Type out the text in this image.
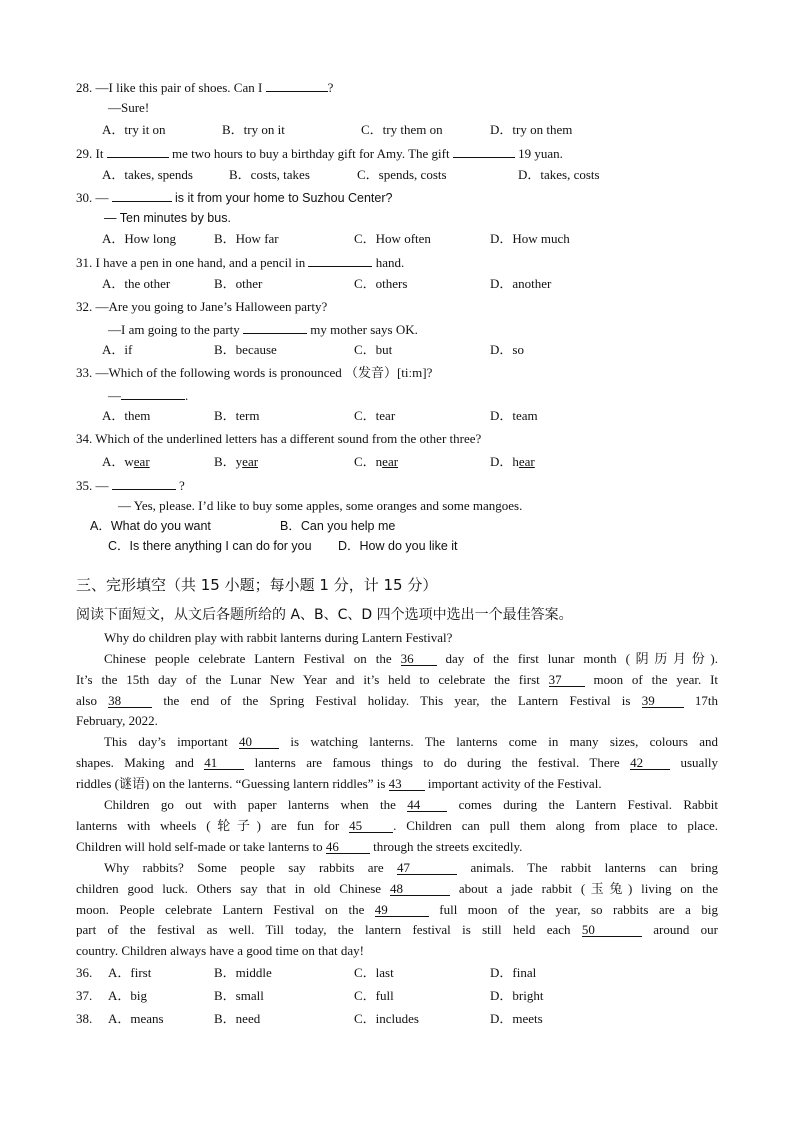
28. —I like this pair of shoes. Can I	?
—Sure!
A．try it on	B．try on it	C．try them on	D．try on them
29. It	me two hours to buy a birthday gift for Amy. The gift	19 yuan.
A．takes, spends	B．costs, takes	C．spends, costs	D．takes, costs
30. —	is it from your home to Suzhou Center?
— Ten minutes by bus.
A．How long	B．How far	C．How often	D．How much
31. I have a pen in one hand, and a pencil in	hand.
A．the other	B．other	C．others	D．another
32. —Are you going to Jane’s Halloween party?
—I am going to the party	my mother says OK.
A．if	B．because	C．but	D．so
33. —Which of the following words is pronounced （发音）[tiːm]?
—	.
A．them	B．term	C．tear	D．team
34. Which of the underlined letters has a different sound from the other three?
A．wear	B．year	C．near	D．hear
35. —	?
— Yes, please. I’d like to buy some apples, some oranges and some mangoes.
A．What do you want	B．Can you help me
C．Is there anything I can do for you D．How do you like it
三、完形填空（共 15 小题；每小题 1 分，计 15 分）
阅读下面短文，从文后各题所给的 A、B、C、D 四个选项中选出一个最佳答案。
Why do children play with rabbit lanterns during Lantern Festival?
Chinese people celebrate Lantern Festival on the 36 day of the first lunar month (阴历月份).
It’s the 15th day of the Lunar New Year and it’s held to celebrate the first 37 moon of the year. It
also 38	the end of the Spring Festival holiday. This year, the Lantern Festival is 39	17th
February, 2022.
This day’s important 40	is watching lanterns. The lanterns come in many sizes, colours and
shapes. Making and 41	lanterns are famous things to do during the festival. There 42	usually
riddles (谜语) on the lanterns. “Guessing lantern riddles” is 43 important activity of the Festival.
Children go out with paper lanterns when the 44	comes during the Lantern Festival. Rabbit
lanterns with wheels (轮子) are fun for 45 . Children can pull them along from place to place.
Children will hold self-made or take lanterns to 46	through the streets excitedly.
Why rabbits? Some people say rabbits are 47	animals. The rabbit lanterns can bring
children good luck. Others say that in old Chinese 48	about a jade rabbit (玉兔) living on the
moon. People celebrate Lantern Festival on the 49	full moon of the year, so rabbits are a big
part of the festival as well. Till today, the lantern festival is still held each 50	around our
country. Children always have a good time on that day!
36. A．first	B．middle	C．last	D．final
37. A．big	B．small	C．full	D．bright
38. A．means	B．need	C．includes	D．meets
